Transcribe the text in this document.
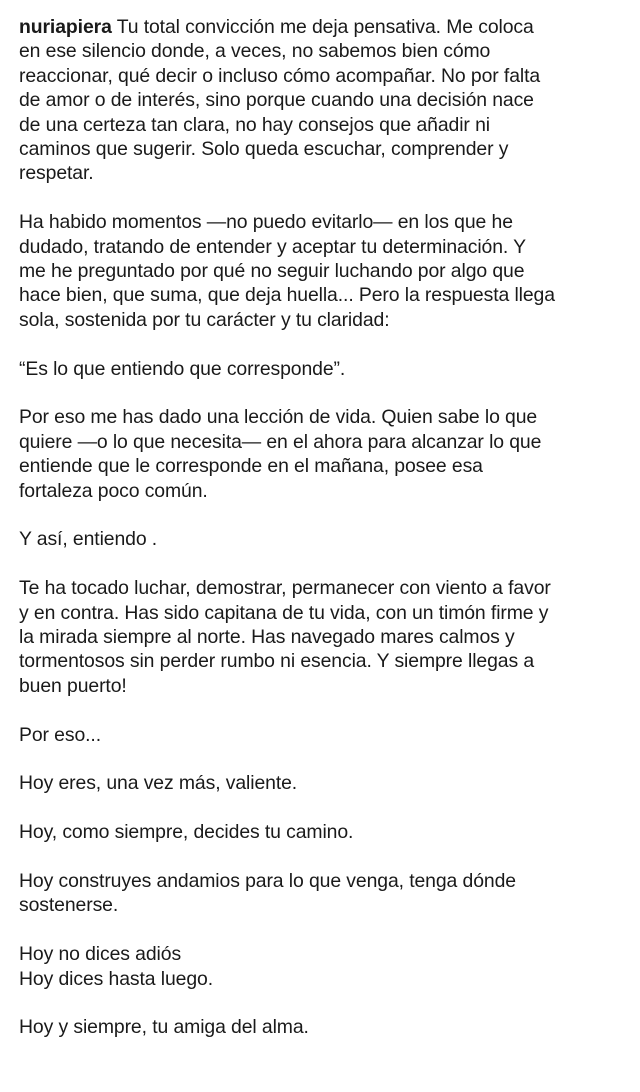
nuriapiera Tu total convicción me deja pensativa. Me coloca
en ese silencio donde, a veces, no sabemos bien cómo
reaccionar, qué decir o incluso cómo acompañar. No por falta
de amor o de interés, sino porque cuando una decisión nace
de una certeza tan clara, no hay consejos que añadir ni
caminos que sugerir. Solo queda escuchar, comprender y
respetar.
Ha habido momentos —no puedo evitarlo— en los que he
dudado, tratando de entender y aceptar tu determinación. Y
me he preguntado por qué no seguir luchando por algo que
hace bien, que suma, que deja huella... Pero la respuesta llega
sola, sostenida por tu carácter y tu claridad:
“Es lo que entiendo que corresponde”.
Por eso me has dado una lección de vida. Quien sabe lo que
quiere —o lo que necesita— en el ahora para alcanzar lo que
entiende que le corresponde en el mañana, posee esa
fortaleza poco común.
Y así, entiendo .
Te ha tocado luchar, demostrar, permanecer con viento a favor
y en contra. Has sido capitana de tu vida, con un timón firme y
la mirada siempre al norte. Has navegado mares calmos y
tormentosos sin perder rumbo ni esencia. Y siempre llegas a
buen puerto!
Por eso...
Hoy eres, una vez más, valiente.
Hoy, como siempre, decides tu camino.
Hoy construyes andamios para lo que venga, tenga dónde
sostenerse.
Hoy no dices adiós
Hoy dices hasta luego.
Hoy y siempre, tu amiga del alma.
